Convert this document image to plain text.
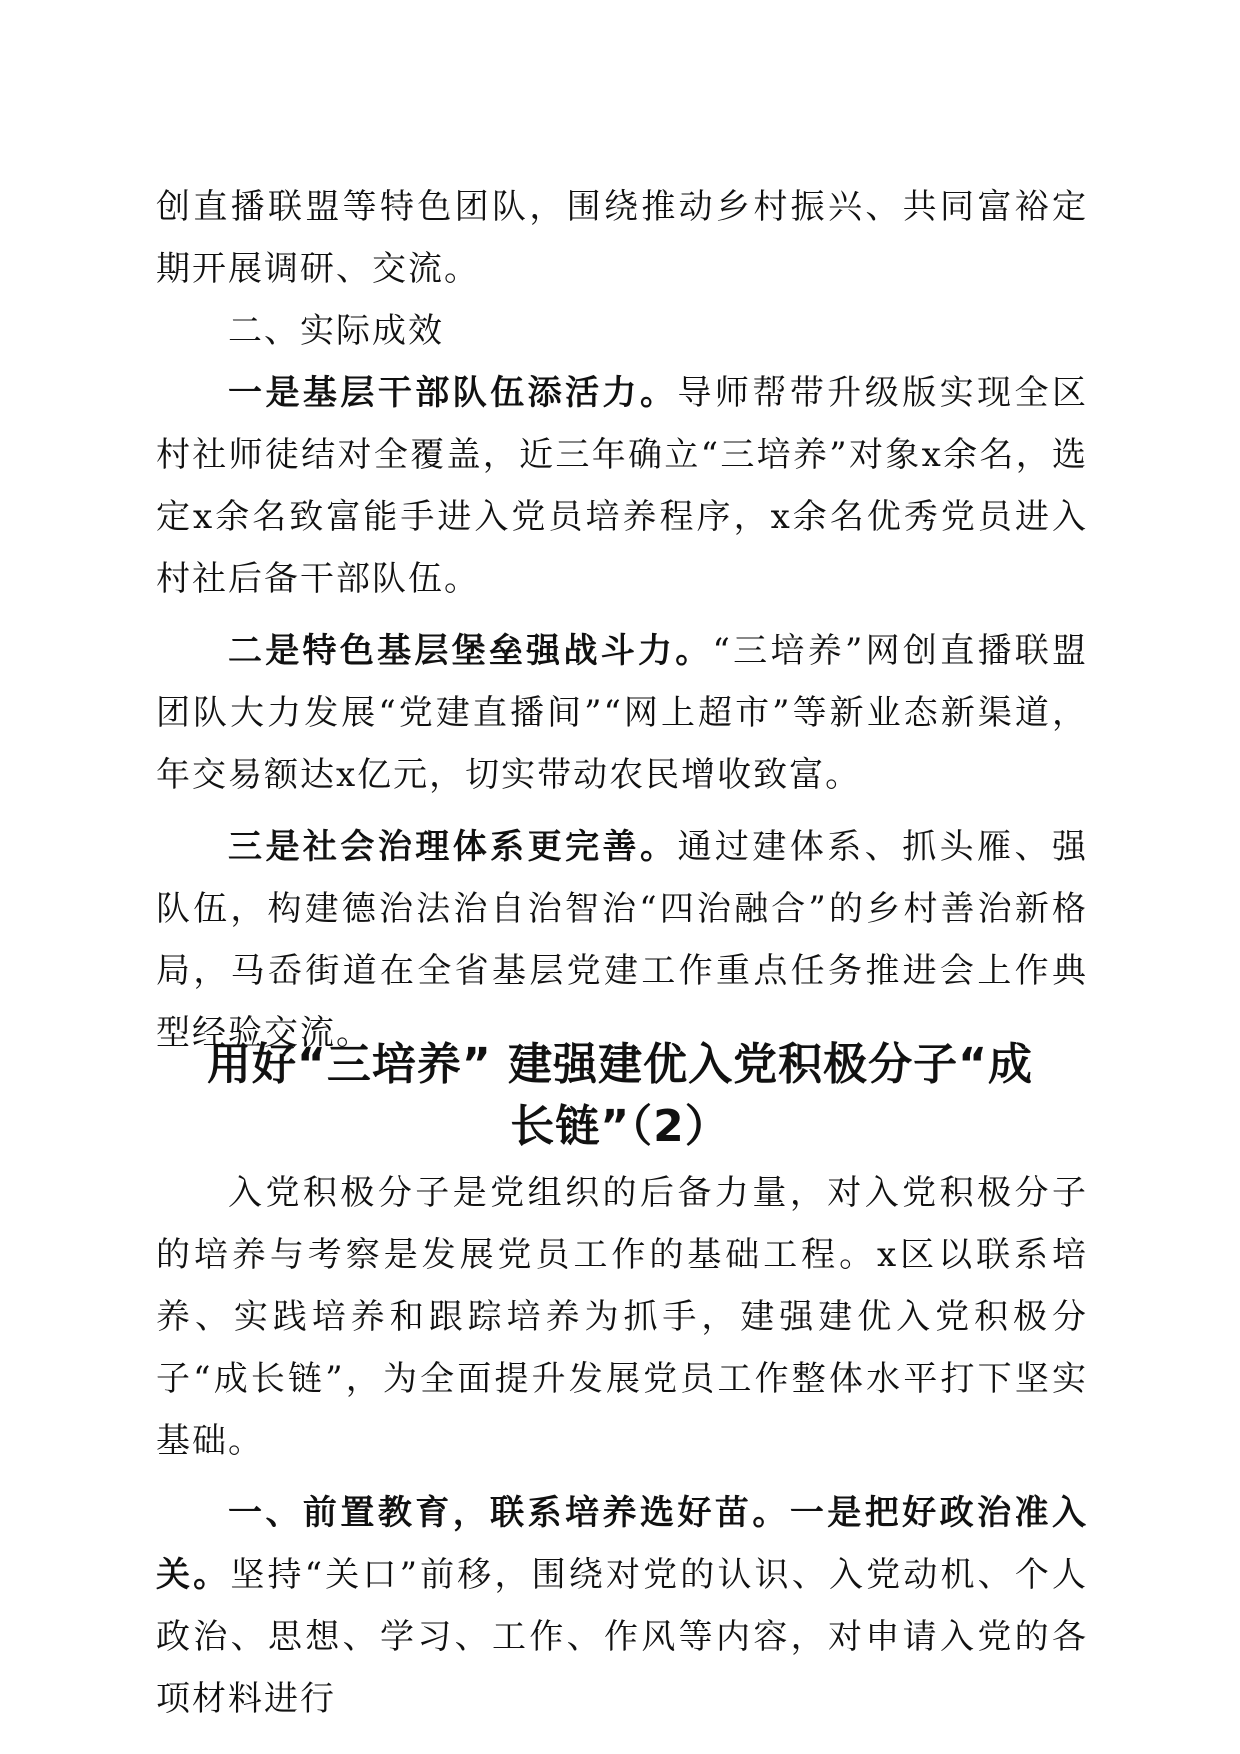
创直播联盟等特色团队，围绕推动乡村振兴、共同富裕定期开展调研、交流。

二、实际成效

一是基层干部队伍添活力。导师帮带升级版实现全区村社师徒结对全覆盖，近三年确立“三培养”对象x余名，选定x余名致富能手进入党员培养程序，x余名优秀党员进入村社后备干部队伍。

二是特色基层堡垒强战斗力。“三培养”网创直播联盟团队大力发展“党建直播间”“网上超市”等新业态新渠道，年交易额达x亿元，切实带动农民增收致富。

三是社会治理体系更完善。通过建体系、抓头雁、强队伍，构建德治法治自治智治“四治融合”的乡村善治新格局，马岙街道在全省基层党建工作重点任务推进会上作典型经验交流。

用好“三培养” 建强建优入党积极分子“成
长链”（2）

入党积极分子是党组织的后备力量，对入党积极分子的培养与考察是发展党员工作的基础工程。x区以联系培养、实践培养和跟踪培养为抓手，建强建优入党积极分子“成长链”，为全面提升发展党员工作整体水平打下坚实基础。

一、前置教育，联系培养选好苗。一是把好政治准入关。坚持“关口”前移，围绕对党的认识、入党动机、个人政治、思想、学习、工作、作风等内容，对申请入党的各项材料进行
